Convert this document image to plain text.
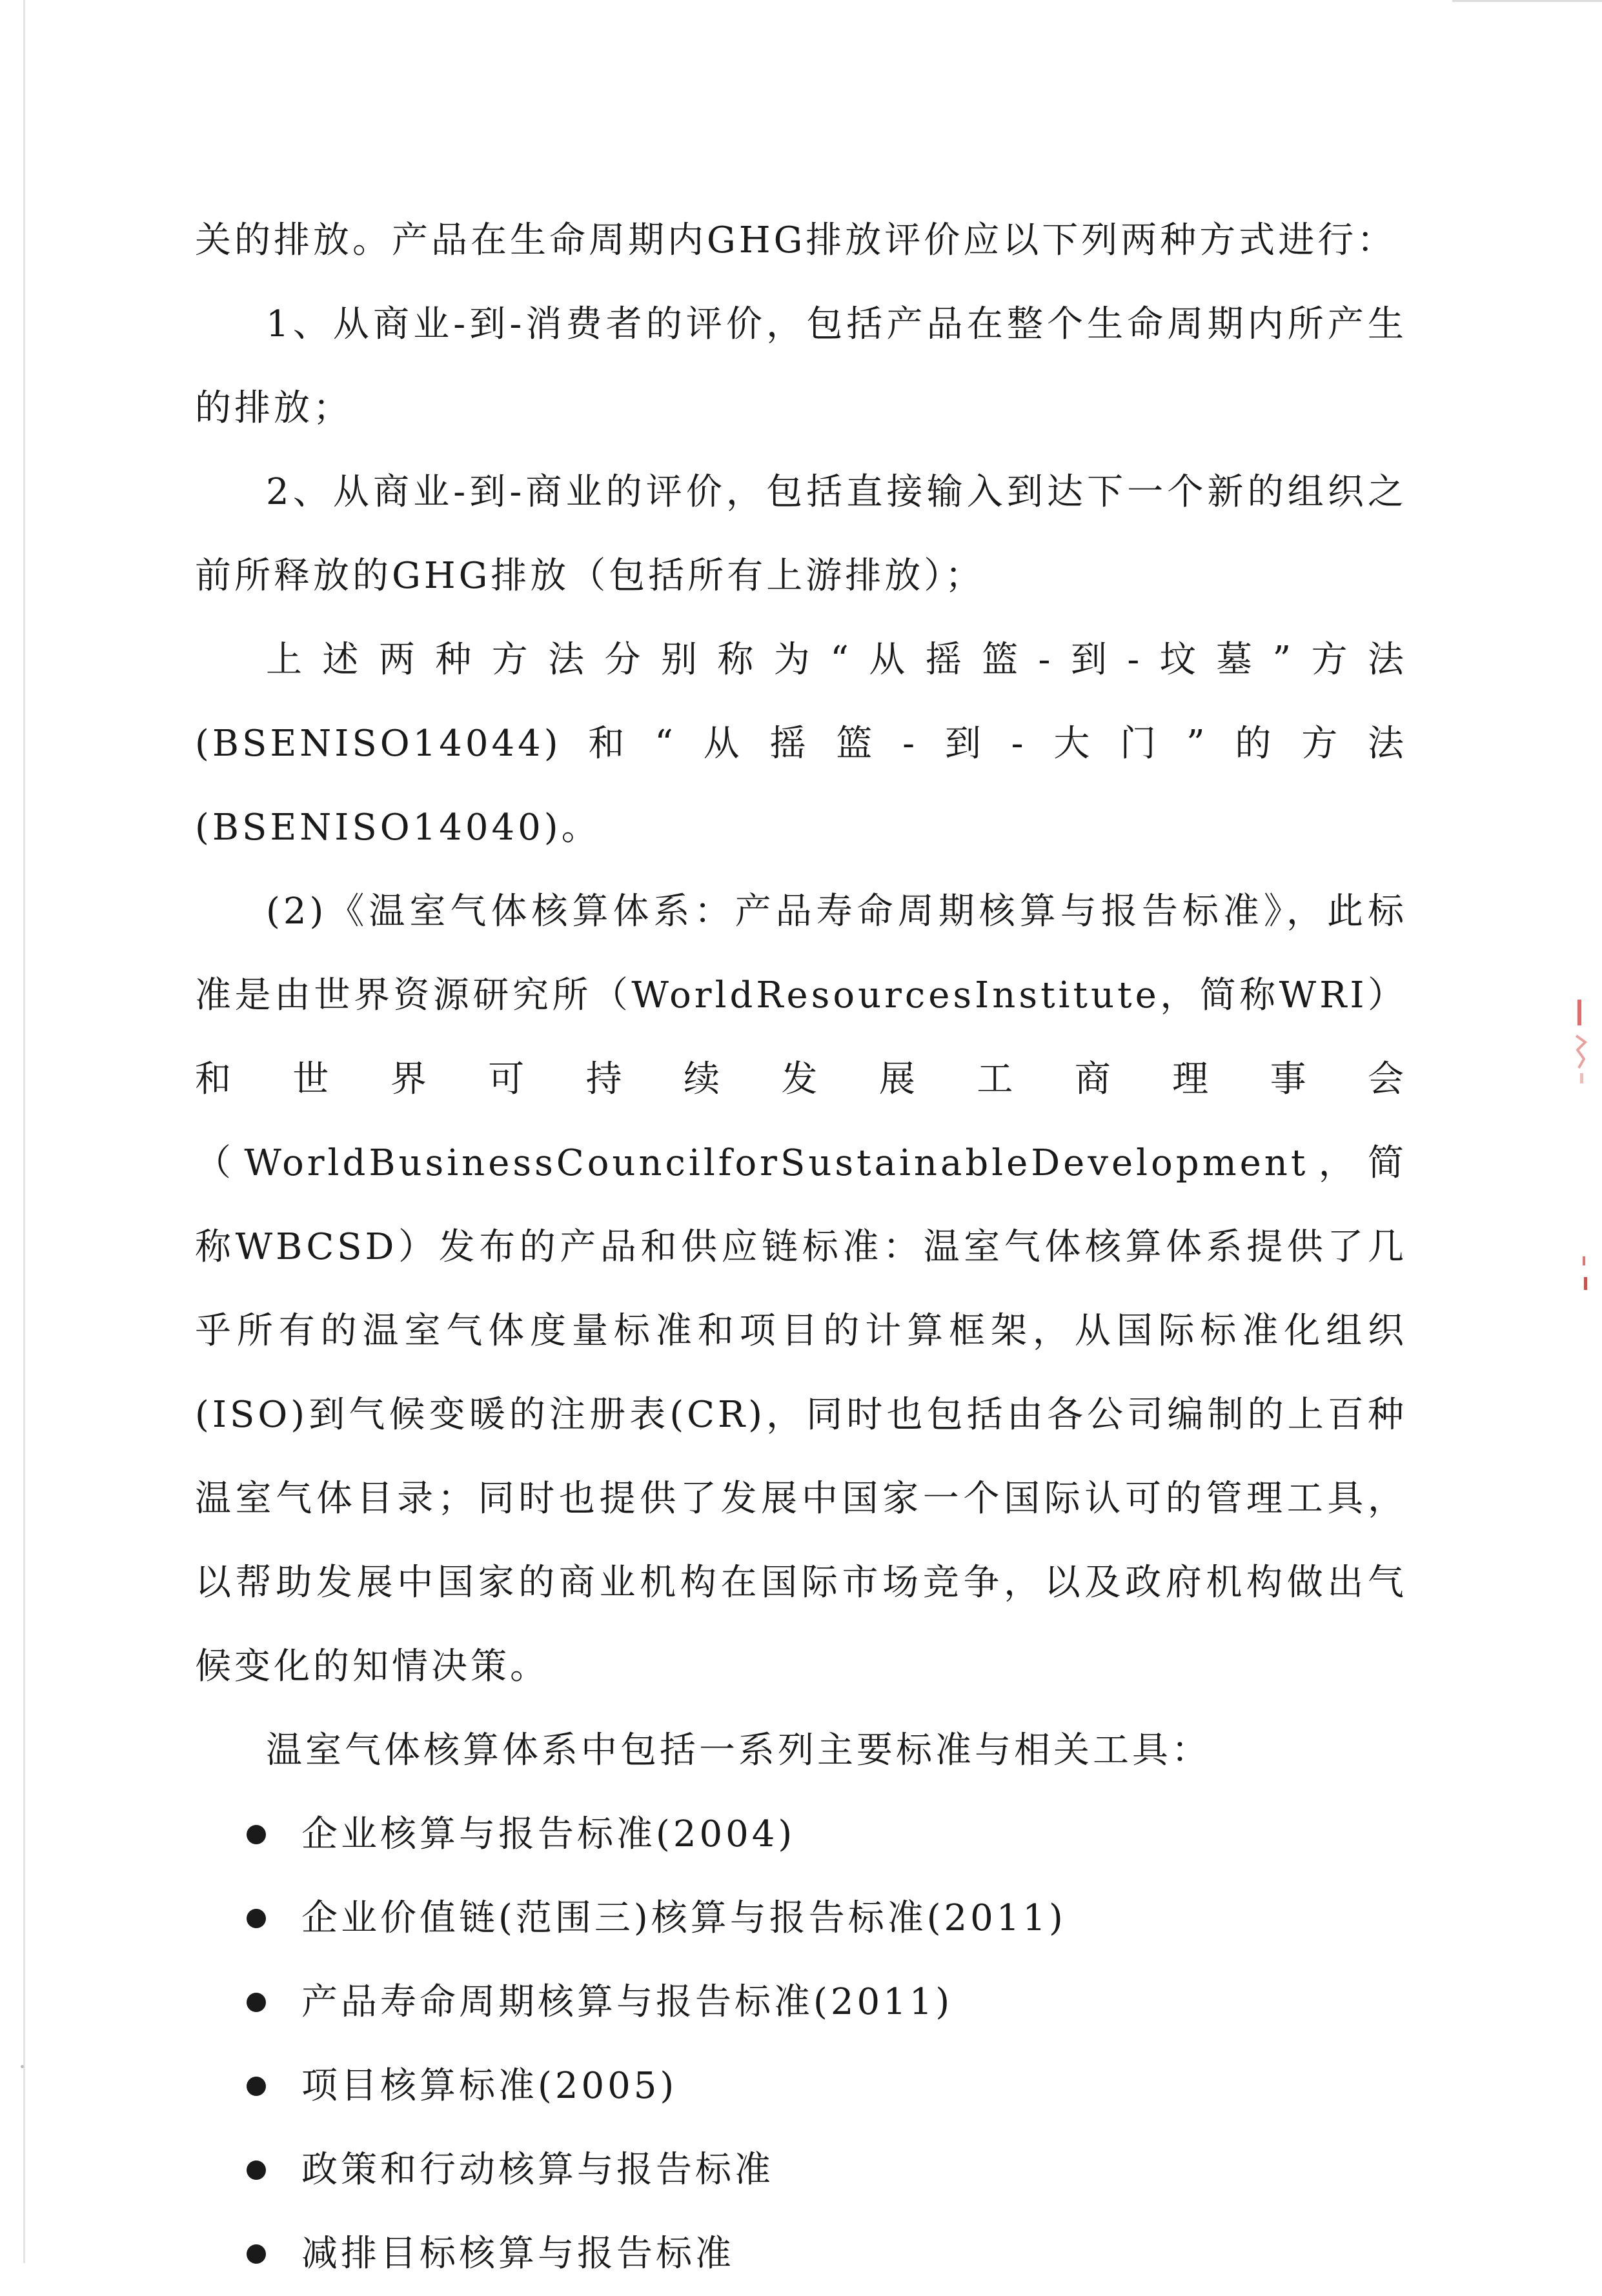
关的排放。产品在生命周期内GHG排放评价应以下列两种方式进行：

1、从商业-到-消费者的评价，包括产品在整个生命周期内所产生的排放；

2、从商业-到-商业的评价，包括直接输入到达下一个新的组织之前所释放的GHG排放（包括所有上游排放）；

上述两种方法分别称为“从摇篮-到-坟墓”方法(BSENISO14044)和“从摇篮-到-大门”的方法(BSENISO14040)。

(2)《温室气体核算体系：产品寿命周期核算与报告标准》，此标准是由世界资源研究所（WorldResourcesInstitute，简称WRI）和世界可持续发展工商理事会（WorldBusinessCouncilforSustainableDevelopment，简称WBCSD）发布的产品和供应链标准：温室气体核算体系提供了几乎所有的温室气体度量标准和项目的计算框架，从国际标准化组织(ISO)到气候变暖的注册表(CR)，同时也包括由各公司编制的上百种温室气体目录；同时也提供了发展中国家一个国际认可的管理工具，以帮助发展中国家的商业机构在国际市场竞争，以及政府机构做出气候变化的知情决策。

温室气体核算体系中包括一系列主要标准与相关工具：

企业核算与报告标准(2004)
企业价值链(范围三)核算与报告标准(2011)
产品寿命周期核算与报告标准(2011)
项目核算标准(2005)
政策和行动核算与报告标准
减排目标核算与报告标准
